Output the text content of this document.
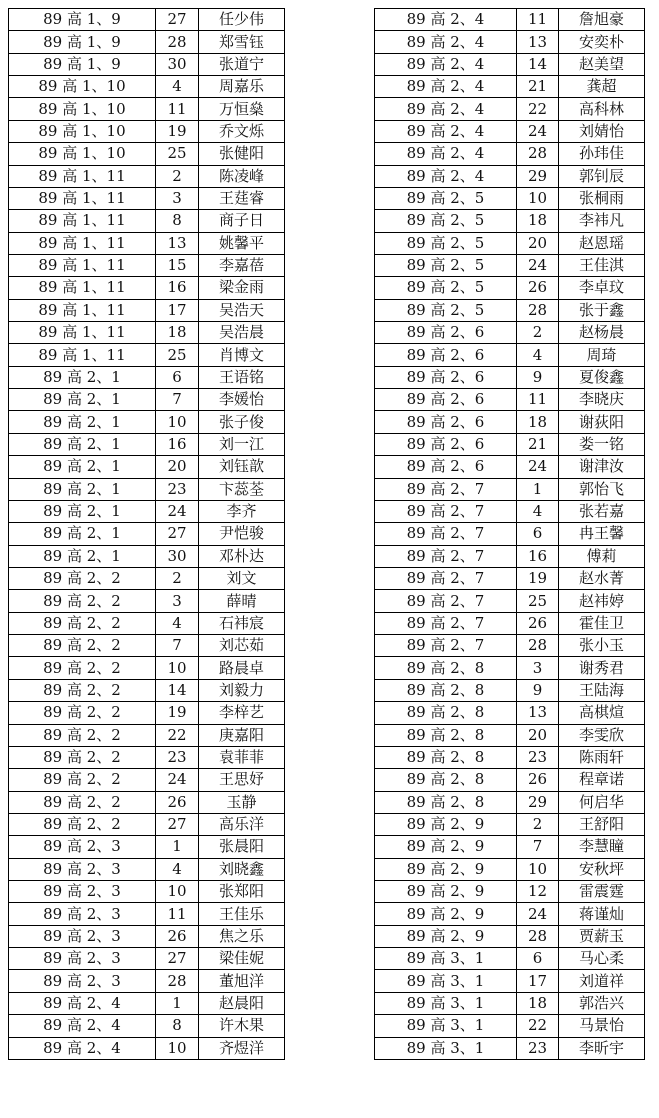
89 高 1、9	27	任少伟
89 高 1、9	28	郑雪钰
89 高 1、9	30	张道宁
89 高 1、10	4	周嘉乐
89 高 1、10	11	万恒燊
89 高 1、10	19	乔文烁
89 高 1、10	25	张健阳
89 高 1、11	2	陈凌峰
89 高 1、11	3	王莛睿
89 高 1、11	8	商子日
89 高 1、11	13	姚馨平
89 高 1、11	15	李嘉蓓
89 高 1、11	16	梁金雨
89 高 1、11	17	吴浩天
89 高 1、11	18	吴浩晨
89 高 1、11	25	肖博文
89 高 2、1	6	王语铭
89 高 2、1	7	李媛怡
89 高 2、1	10	张子俊
89 高 2、1	16	刘一江
89 高 2、1	20	刘钰歆
89 高 2、1	23	卞蕊荃
89 高 2、1	24	李齐
89 高 2、1	27	尹恺骏
89 高 2、1	30	邓朴达
89 高 2、2	2	刘文
89 高 2、2	3	薛晴
89 高 2、2	4	石袆宸
89 高 2、2	7	刘芯茹
89 高 2、2	10	路晨卓
89 高 2、2	14	刘毅力
89 高 2、2	19	李梓艺
89 高 2、2	22	庚嘉阳
89 高 2、2	23	袁菲菲
89 高 2、2	24	王思妤
89 高 2、2	26	玉静
89 高 2、2	27	高乐洋
89 高 2、3	1	张晨阳
89 高 2、3	4	刘晓鑫
89 高 2、3	10	张郑阳
89 高 2、3	11	王佳乐
89 高 2、3	26	焦之乐
89 高 2、3	27	梁佳妮
89 高 2、3	28	董旭洋
89 高 2、4	1	赵晨阳
89 高 2、4	8	许木果
89 高 2、4	10	齐煜洋
89 高 2、4	11	詹旭豪
89 高 2、4	13	安奕朴
89 高 2、4	14	赵美望
89 高 2、4	21	龚超
89 高 2、4	22	高科林
89 高 2、4	24	刘婧怡
89 高 2、4	28	孙玮佳
89 高 2、4	29	郭钊辰
89 高 2、5	10	张桐雨
89 高 2、5	18	李袆凡
89 高 2、5	20	赵恩瑶
89 高 2、5	24	王佳淇
89 高 2、5	26	李卓玟
89 高 2、5	28	张于鑫
89 高 2、6	2	赵杨晨
89 高 2、6	4	周琦
89 高 2、6	9	夏俊鑫
89 高 2、6	11	李晓庆
89 高 2、6	18	谢荻阳
89 高 2、6	21	娄一铭
89 高 2、6	24	谢津汝
89 高 2、7	1	郭怡飞
89 高 2、7	4	张若嘉
89 高 2、7	6	冉王馨
89 高 2、7	16	傅莉
89 高 2、7	19	赵水菁
89 高 2、7	25	赵袆婷
89 高 2、7	26	霍佳卫
89 高 2、7	28	张小玉
89 高 2、8	3	谢秀君
89 高 2、8	9	王陆海
89 高 2、8	13	高棋煊
89 高 2、8	20	李雯欣
89 高 2、8	23	陈雨轩
89 高 2、8	26	程章诺
89 高 2、8	29	何启华
89 高 2、9	2	王舒阳
89 高 2、9	7	李慧瞳
89 高 2、9	10	安秋坪
89 高 2、9	12	雷震霆
89 高 2、9	24	蒋谨灿
89 高 2、9	28	贾薪玉
89 高 3、1	6	马心柔
89 高 3、1	17	刘道祥
89 高 3、1	18	郭浩兴
89 高 3、1	22	马景怡
89 高 3、1	23	李昕宇
